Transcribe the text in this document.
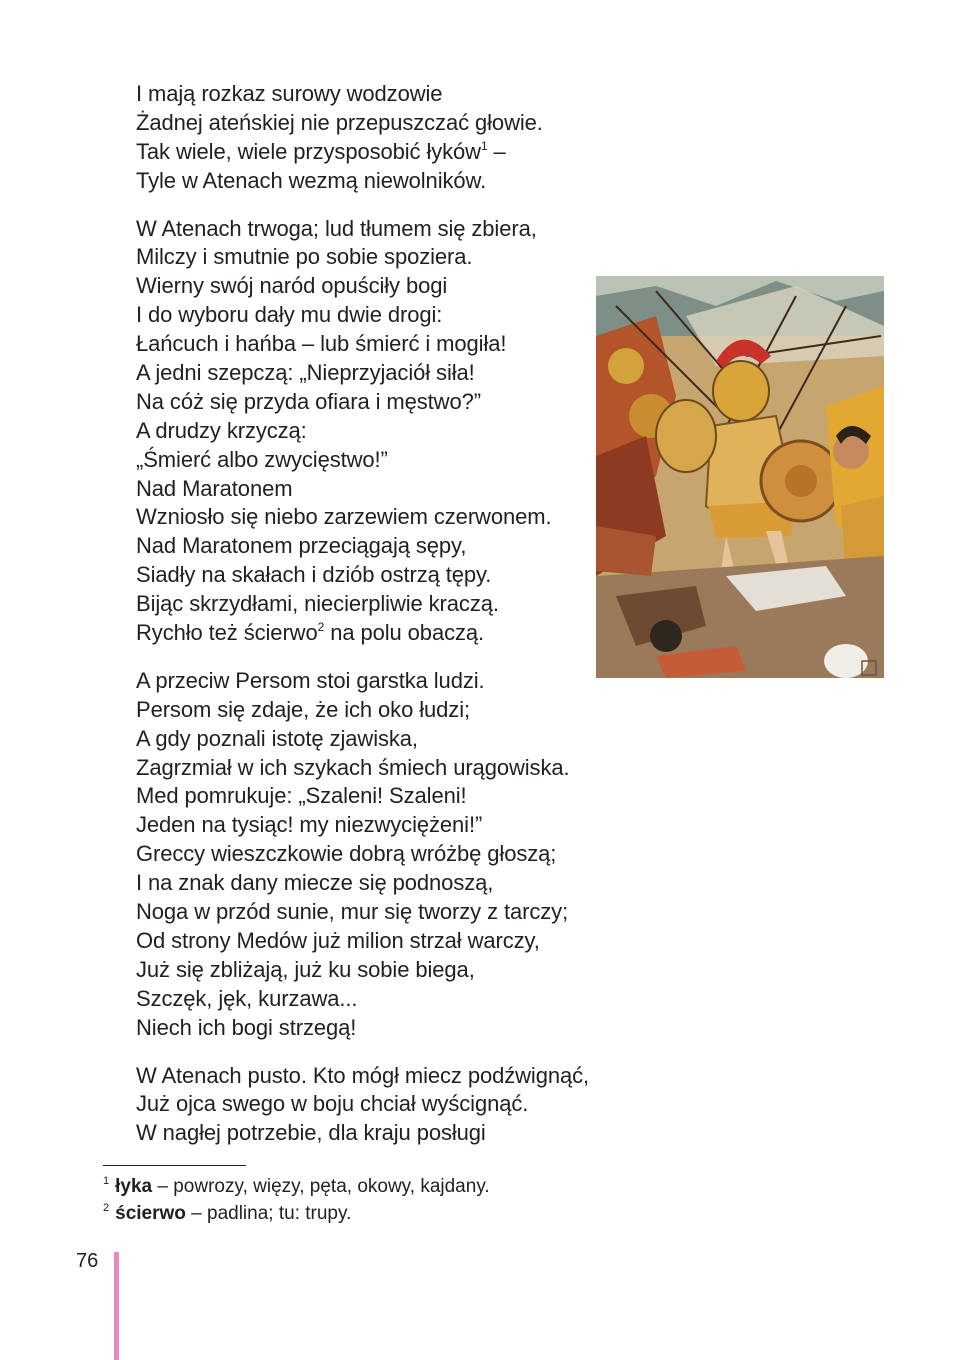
I mają rozkaz surowy wodzowie
Żadnej ateńskiej nie przepuszczać głowie.
Tak wiele, wiele przysposobić łyków$^1$ –
Tyle w Atenach wezmą niewolników.
W Atenach trwoga; lud tłumem się zbiera,
Milczy i smutnie po sobie spoziera.
Wierny swój naród opuściły bogi
I do wyboru dały mu dwie drogi:
Łańcuch i hańba – lub śmierć i mogiła!
A jedni szepczą: „Nieprzyjaciół siła!
Na cóż się przyda ofiara i męstwo?”
A drudzy krzyczą:
„Śmierć albo zwycięstwo!”
Nad Maratonem
Wzniosło się niebo zarzewiem czerwonem.
Nad Maratonem przeciągają sępy,
Siadły na skałach i dziób ostrzą tępy.
Bijąc skrzydłami, niecierpliwie kraczą.
Rychło też ścierwo$^2$ na polu obaczą.
A przeciw Persom stoi garstka ludzi.
Persom się zdaje, że ich oko łudzi;
A gdy poznali istotę zjawiska,
Zagrzmiał w ich szykach śmiech urągowiska.
Med pomrukuje: „Szaleni! Szaleni!
Jeden na tysiąc! my niezwyciężeni!”
Greccy wieszczkowie dobrą wróżbę głoszą;
I na znak dany miecze się podnoszą,
Noga w przód sunie, mur się tworzy z tarczy;
Od strony Medów już milion strzał warczy,
Już się zbliżają, już ku sobie biega,
Szczęk, jęk, kurzawa...
Niech ich bogi strzegą!
W Atenach pusto. Kto mógł miecz podźwignąć,
Już ojca swego w boju chciał wyścignąć.
W nagłej potrzebie, dla kraju posługi
$^1$ łyka – powrozy, więzy, pęta, okowy, kajdany.
$^2$ ścierwo – padlina; tu: trupy.
76
